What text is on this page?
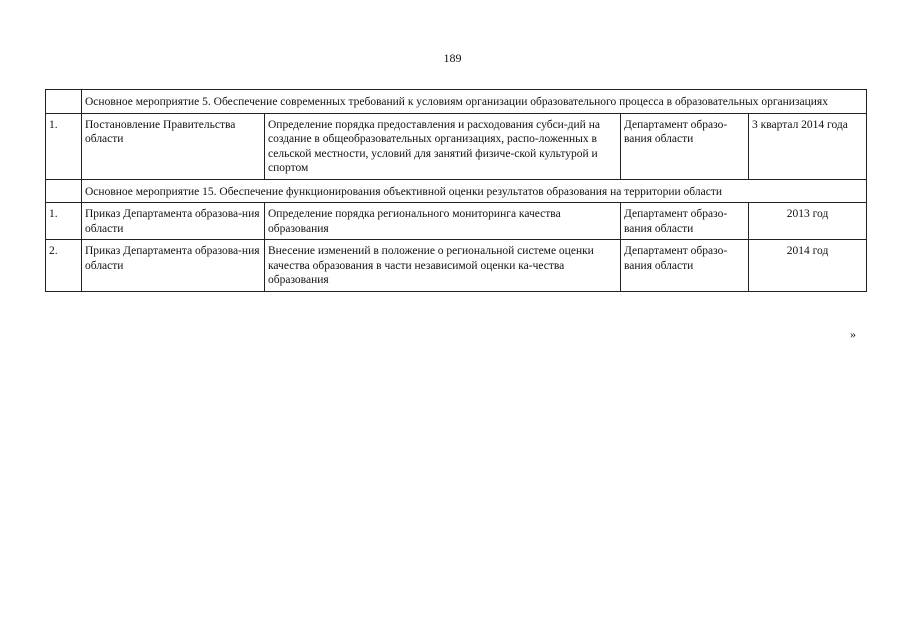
189
	Основное мероприятие 5. Обеспечение современных требований к условиям организации образовательного процесса в образовательных организациях			
1.	Постановление Правительства области	Определение порядка предоставления и расходования субси-дий на создание в общеобразовательных организациях, распо-ложенных в сельской местности, условий для занятий физиче-ской культурой и спортом	Департамент образо-вания области	3 квартал 2014 года
	Основное мероприятие 15. Обеспечение функционирования объективной оценки результатов образования на территории области			
1.	Приказ Департамента образова-ния области	Определение порядка регионального мониторинга качества образования	Департамент образо-вания области	2013 год
2.	Приказ Департамента образова-ния области	Внесение изменений в положение о региональной системе оценки качества образования в части независимой оценки ка-чества образования	Департамент образо-вания области	2014 год
»
